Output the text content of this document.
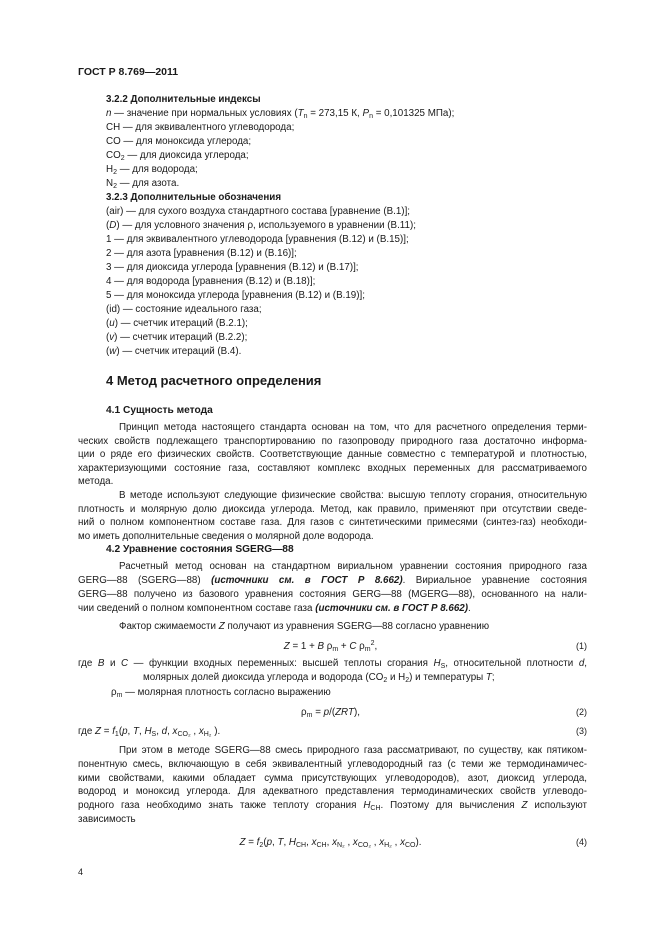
ГОСТ Р 8.769—2011
3.2.2 Дополнительные индексы
n — значение при нормальных условиях ($T_n = 273,15$ К, $P_n = 0,101325$ МПа);
CH — для эквивалентного углеводорода;
CO — для моноксида углерода;
$CO_2$ — для диоксида углерода;
$H_2$ — для водорода;
$N_2$ — для азота.
3.2.3 Дополнительные обозначения
(air) — для сухого воздуха стандартного состава [уравнение (B.1)];
(D) — для условного значения ρ, используемого в уравнении (B.11);
1 — для эквивалентного углеводорода [уравнения (B.12) и (B.15)];
2 — для азота [уравнения (B.12) и (B.16)];
3 — для диоксида углерода [уравнения (B.12) и (B.17)];
4 — для водорода [уравнения (B.12) и (B.18)];
5 — для моноксида углерода [уравнения (B.12) и (B.19)];
(id) — состояние идеального газа;
(u) — счетчик итераций (B.2.1);
(v) — счетчик итераций (B.2.2);
(w) — счетчик итераций (B.4).
4 Метод расчетного определения
4.1 Сущность метода
Принцип метода настоящего стандарта основан на том, что для расчетного определения терми-
ческих свойств подлежащего транспортированию по газопроводу природного газа достаточно информа-
ции о ряде его физических свойств. Соответствующие данные совместно с температурой и плотностью,
характеризующими состояние газа, составляют комплекс входных переменных для рассматриваемого
метода.
В методе используют следующие физические свойства: высшую теплоту сгорания, относительную
плотность и молярную долю диоксида углерода. Метод, как правило, применяют при отсутствии сведе-
ний о полном компонентном составе газа. Для газов с синтетическими примесями (синтез-газ) необходи-
мо иметь дополнительные сведения о молярной доле водорода.
4.2 Уравнение состояния SGERG—88
Расчетный метод основан на стандартном вириальном уравнении состояния природного газа
GERG—88 (SGERG—88) (источники см. в ГОСТ Р 8.662). Вириальное уравнение состояния
GERG—88 получено из базового уравнения состояния GERG—88 (MGERG—88), основанного на нали-
чии сведений о полном компонентном составе газа (источники см. в ГОСТ Р 8.662).
Фактор сжимаемости Z получают из уравнения SGERG—88 согласно уравнению
Z = 1 + B $\rho_m + C$ $\rho_m^2$,	(1)
где B и C — функции входных переменных: высшей теплоты сгорания $H_S$, относительной плотности d,
молярных долей диоксида углерода и водорода ($CO_2$ и $H_2$) и температуры T;
$\rho_m$ — молярная плотность согласно выражению
$\rho_m = p/(ZRT)$,	(2)
где $Z = f_1(p$, T, $H_S$, d, $x_{CO_2}$ , $x_{H_2}$ ).	(3)
При этом в методе SGERG—88 смесь природного газа рассматривают, по существу, как пятиком-
понентную смесь, включающую в себя эквивалентный углеводородный газ (с теми же термодинамичес-
кими свойствами, какими обладает сумма присутствующих углеводородов), азот, диоксид углерода,
водород и моноксид углерода. Для адекватного представления термодинамических свойств углеводо-
родного газа необходимо знать также теплоту сгорания $H_{CH}$. Поэтому для вычисления Z используют
зависимость
$Z = f_2(p$, T, $H_{CH}$, $x_{CH}$, $x_{N_2}$ , $x_{CO_2}$ , $x_{H_2}$ , $x_{CO}$).	(4)
4
